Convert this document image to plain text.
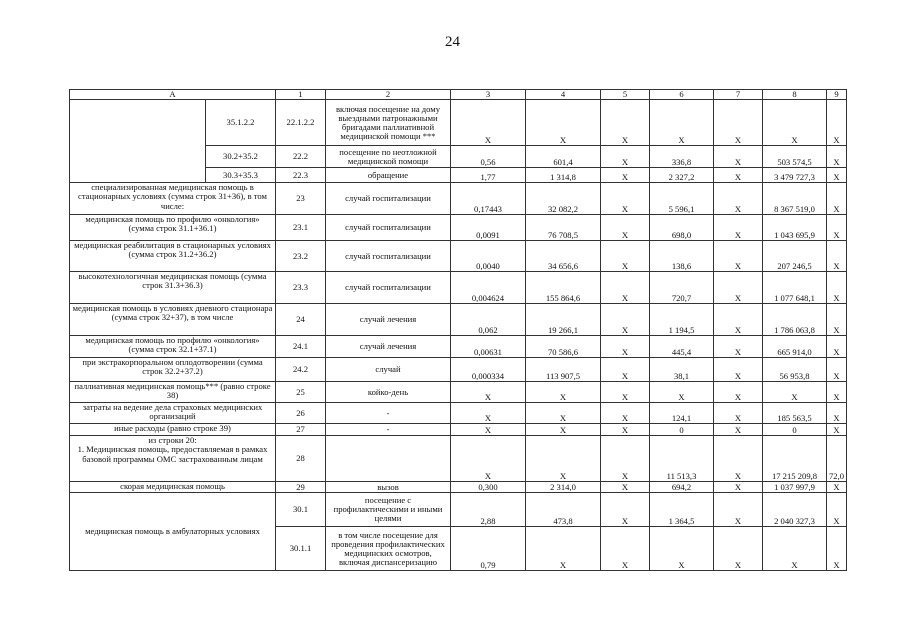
24
A		1	2	3	4	5	6	7	8	9
	35.1.2.2	22.1.2.2	включая посещение на дому выездными патронажными бригадами паллиативной медицинской помощи ***	X	X	X	X	X	X	X
	30.2+35.2	22.2	посещение по неотложной медицинской помощи	0,56	601,4	X	336,8	X	503 574,5	X
	30.3+35.3	22.3	обращение	1,77	1 314,8	X	2 327,2	X	3 479 727,3	X
специализированная медицинская помощь в стационарных условиях (сумма строк 31+36), в том числе:		23	случай госпитализации	0,17443	32 082,2	X	5 596,1	X	8 367 519,0	X
медицинская помощь по профилю «онкология» (сумма строк 31.1+36.1)		23.1	случай госпитализации	0,0091	76 708,5	X	698,0	X	1 043 695,9	X
медицинская реабилитация в стационарных условиях (сумма строк 31.2+36.2)		23.2	случай госпитализации	0,0040	34 656,6	X	138,6	X	207 246,5	X
высокотехнологичная медицинская помощь (сумма строк 31.3+36.3)		23.3	случай госпитализации	0,004624	155 864,6	X	720,7	X	1 077 648,1	X
медицинская помощь в условиях дневного стационара (сумма строк 32+37), в том числе		24	случай лечения	0,062	19 266,1	X	1 194,5	X	1 786 063,8	X
медицинская помощь по профилю «онкология» (сумма строк 32.1+37.1)		24.1	случай лечения	0,00631	70 586,6	X	445,4	X	665 914,0	X
при экстракорпоральном оплодотворении (сумма строк 32.2+37.2)		24.2	случай	0,000334	113 907,5	X	38,1	X	56 953,8	X
паллиативная медицинская помощь*** (равно строке 38)		25	койко-день	X	X	X	X	X	X	X
затраты на ведение дела страховых медицинских организаций		26	-	X	X	X	124,1	X	185 563,5	X
иные расходы (равно строке 39)		27	-	X	X	X	0	X	0	X
из строки 20:
1. Медицинская помощь, предоставляемая в рамках базовой программы ОМС застрахованным лицам		28		X	X	X	11 513,3	X	17 215 209,8	72,0
скорая медицинская помощь		29	вызов	0,300	2 314,0	X	694,2	X	1 037 997,9	X
медицинская помощь в амбулаторных условиях		30.1	посещение с профилактическими и иными целями	2,88	473,8	X	1 364,5	X	2 040 327,3	X
		30.1.1	в том числе посещение для проведения профилактических медицинских осмотров, включая диспансеризацию	0,79	X	X	X	X	X	X
